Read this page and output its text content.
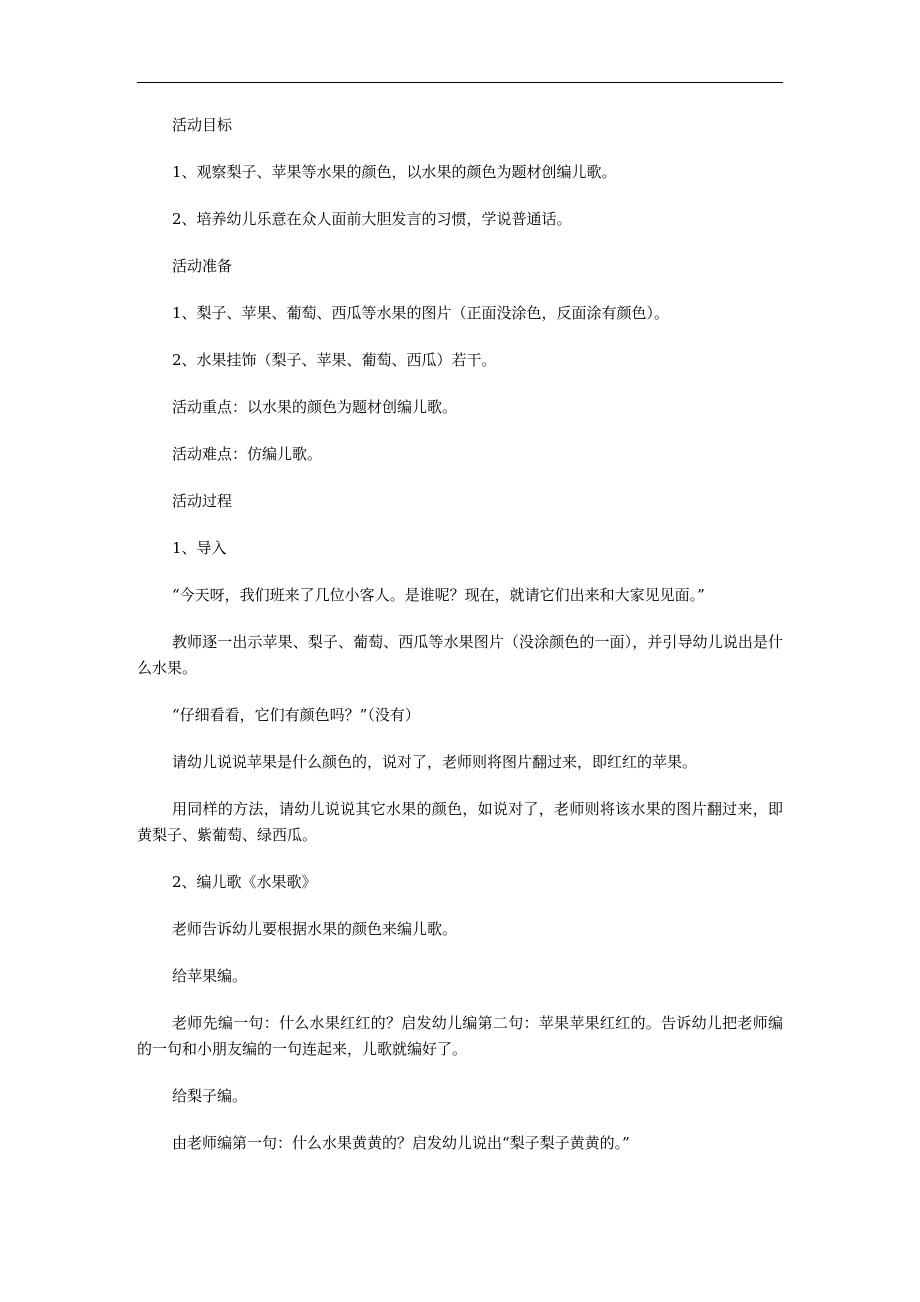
活动目标

1、观察梨子、苹果等水果的颜色，以水果的颜色为题材创编儿歌。

2、培养幼儿乐意在众人面前大胆发言的习惯，学说普通话。

活动准备

1、梨子、苹果、葡萄、西瓜等水果的图片（正面没涂色，反面涂有颜色）。

2、水果挂饰（梨子、苹果、葡萄、西瓜）若干。

活动重点：以水果的颜色为题材创编儿歌。

活动难点：仿编儿歌。

活动过程

1、导入

“今天呀，我们班来了几位小客人。是谁呢？现在，就请它们出来和大家见见面。”

教师逐一出示苹果、梨子、葡萄、西瓜等水果图片（没涂颜色的一面），并引导幼儿说出是什么水果。

“仔细看看，它们有颜色吗？”（没有）

请幼儿说说苹果是什么颜色的，说对了，老师则将图片翻过来，即红红的苹果。

用同样的方法，请幼儿说说其它水果的颜色，如说对了，老师则将该水果的图片翻过来，即黄梨子、紫葡萄、绿西瓜。

2、编儿歌《水果歌》

老师告诉幼儿要根据水果的颜色来编儿歌。

给苹果编。

老师先编一句：什么水果红红的？启发幼儿编第二句：苹果苹果红红的。告诉幼儿把老师编的一句和小朋友编的一句连起来，儿歌就编好了。

给梨子编。

由老师编第一句：什么水果黄黄的？启发幼儿说出“梨子梨子黄黄的。”
